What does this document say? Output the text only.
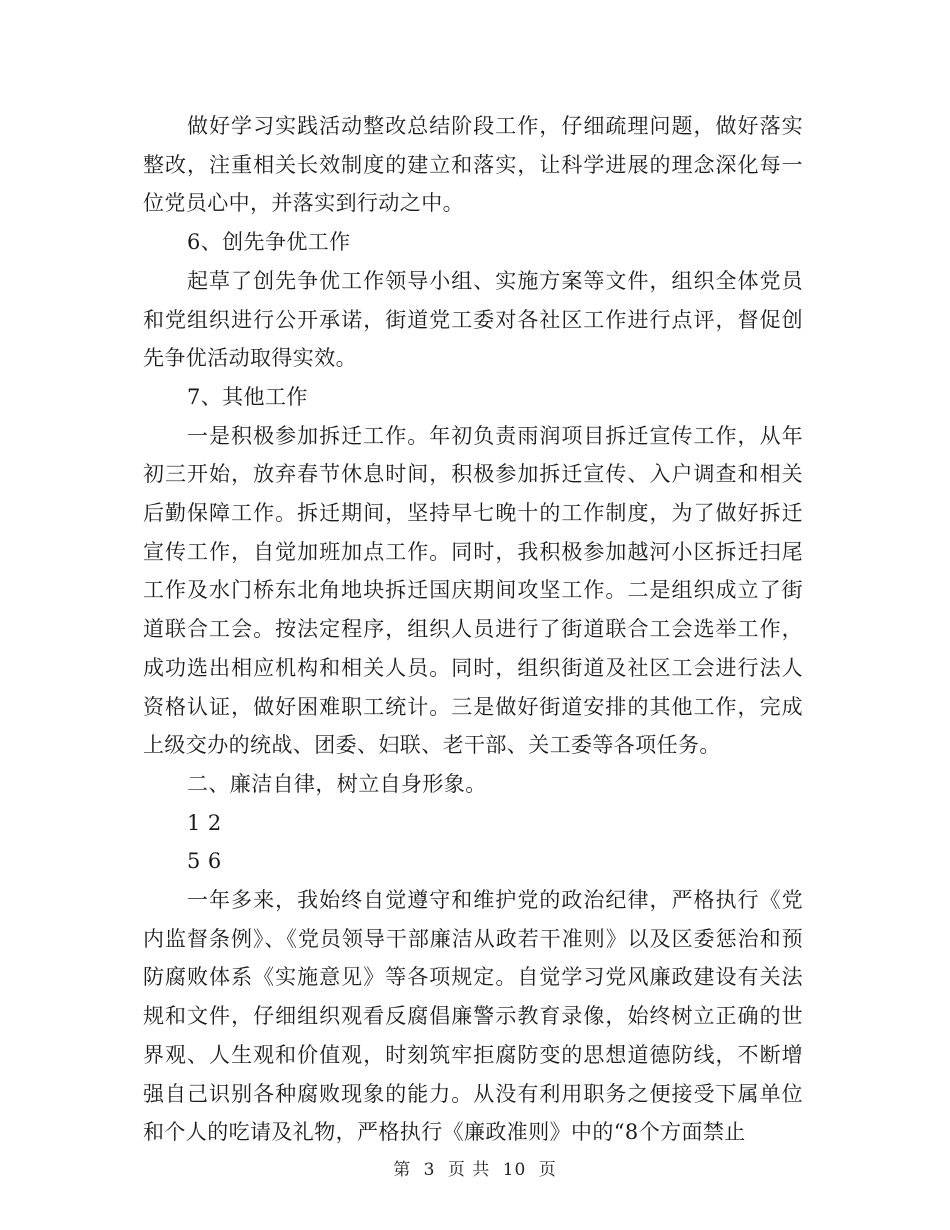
做好学习实践活动整改总结阶段工作，仔细疏理问题，做好落实整改，注重相关长效制度的建立和落实，让科学进展的理念深化每一位党员心中，并落实到行动之中。

6、创先争优工作

起草了创先争优工作领导小组、实施方案等文件，组织全体党员和党组织进行公开承诺，街道党工委对各社区工作进行点评，督促创先争优活动取得实效。

7、其他工作

一是积极参加拆迁工作。年初负责雨润项目拆迁宣传工作，从年初三开始，放弃春节休息时间，积极参加拆迁宣传、入户调查和相关后勤保障工作。拆迁期间，坚持早七晚十的工作制度，为了做好拆迁宣传工作，自觉加班加点工作。同时，我积极参加越河小区拆迁扫尾工作及水门桥东北角地块拆迁国庆期间攻坚工作。二是组织成立了街道联合工会。按法定程序，组织人员进行了街道联合工会选举工作，成功选出相应机构和相关人员。同时，组织街道及社区工会进行法人资格认证，做好困难职工统计。三是做好街道安排的其他工作，完成上级交办的统战、团委、妇联、老干部、关工委等各项任务。

二、廉洁自律，树立自身形象。

1 2

5 6

一年多来，我始终自觉遵守和维护党的政治纪律，严格执行《党内监督条例》、《党员领导干部廉洁从政若干准则》以及区委惩治和预防腐败体系《实施意见》等各项规定。自觉学习党风廉政建设有关法规和文件，仔细组织观看反腐倡廉警示教育录像，始终树立正确的世界观、人生观和价值观，时刻筑牢拒腐防变的思想道德防线，不断增强自己识别各种腐败现象的能力。从没有利用职务之便接受下属单位和个人的吃请及礼物，严格执行《廉政准则》中的“8个方面禁止

第 3 页 共 10 页
